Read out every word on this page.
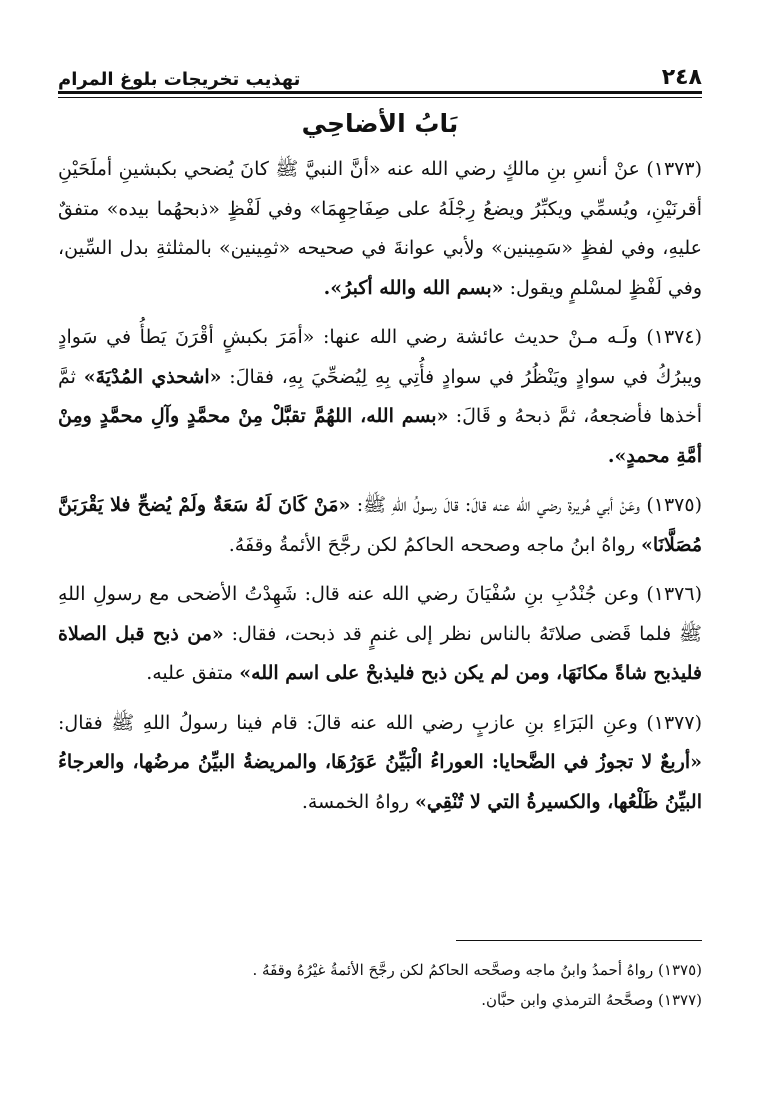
٢٤٨
تهذيب تخريجات بلوغ المرام
بَابُ الأضاحِي

(١٣٧٣) عنْ أنسِ بنِ مالكٍ رضي الله عنه «أنَّ النبيَّ ﷺ كانَ يُضحي بكبشينِ أملَحَيْنِ أقرنَيْنِ، ويُسمِّي ويكبِّرُ ويضعُ رِجْلَهُ على صِفَاحِهِمَا» وفي لَفْظٍ «ذبحهُما بيده» متفقٌ عليهِ، وفي لفظٍ «سَمِينين» ولأبي عوانةَ في صحيحه «ثمِينين» بالمثلثةِ بدل السِّين، وفي لَفْظٍ لمسْلمٍ ويقول: «بسم الله والله أكبرُ».

(١٣٧٤) ولَـه مـنْ حديث عائشة رضي الله عنها: «أمَرَ بكبشٍ أقْرَنَ يَطأُ في سَوادٍ ويبرُكُ في سوادٍ ويَنْظُرُ في سوادٍ فأُتِي بِهِ لِيُضحِّيَ بِهِ، فقالَ: «اشحذي المُدْيَةَ» ثمَّ أخذها فأضجعهُ، ثمَّ ذبحهُ و قَالَ: «بسم الله، اللهُمَّ تقبَّلْ مِنْ محمَّدٍ وآلِ محمَّدٍ ومِنْ أمَّةِ محمدٍ».

(١٣٧٥) وعَنْ أبي هُريرة رضي الله عنه قالَ: قالَ رسولُ اللهِ ﷺ: «مَنْ كَانَ لَهُ سَعَةٌ ولَمْ يُضحِّ فلا يَقْرَبَنَّ مُصَلَّانَا» رواهُ ابنُ ماجه وصححه الحاكمُ لكن رجَّحَ الأئمةُ وقفَهُ.

(١٣٧٦) وعن جُنْدُبِ بنِ سُفْيَانَ رضي الله عنه قال: شَهِدْتُ الأضحى مع رسولِ اللهِ ﷺ فلما قَضى صلاتَهُ بالناس نظر إلى غنمٍ قد ذبحت، فقال: «من ذبح قبل الصلاة فليذبح شاةً مكانَهَا، ومن لم يكن ذبح فليذبحْ على اسم الله» متفق عليه.

(١٣٧٧) وعنِ البَرَاءِ بنِ عازبٍ رضي الله عنه قالَ: قام فينا رسولُ اللهِ ﷺ فقال: «أربعٌ لا تجوزُ في الضَّحايا: العوراءُ الْبَيِّنُ عَوَرُهَا، والمريضةُ البيِّنُ مرضُها، والعرجاءُ البيِّنُ ظَلْعُها، والكسيرةُ التي لا تُنْقِي» رواهُ الخمسة.

(١٣٧٥) رواهُ أحمدُ وابنُ ماجه وصحَّحه الحاكمُ لكن رجَّحَ الأئمةُ غيْرُهُ وقفَهُ .

(١٣٧٧) وصحَّحهُ الترمذي وابن حبَّان.
